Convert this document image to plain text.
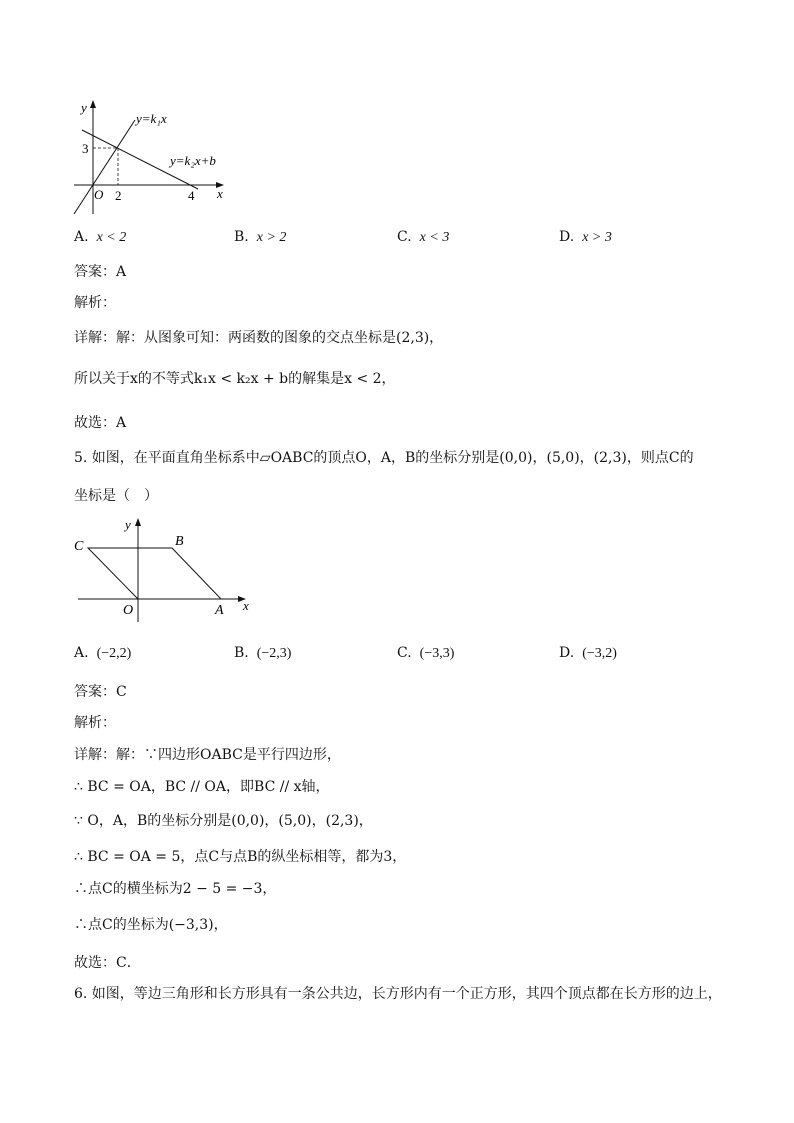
y
x
O
3
2	4
y=k₁x
y=k₂x+b
A. x < 2	B. x > 2	C. x < 3	D. x > 3
答案：A
解析：
详解：解：从图象可知：两函数的图象的交点坐标是(2,3)，
所以关于x的不等式k₁x < k₂x + b的解集是x < 2，
故选：A
5. 如图，在平面直角坐标系中▱OABC的顶点O，A，B的坐标分别是(0,0)，(5,0)，(2,3)，则点C的
坐标是（　）
C	B
O	A x
y
A. (−2,2)	B. (−2,3)	C. (−3,3)	D. (−3,2)
答案：C
解析：
详解：解：∵四边形OABC是平行四边形，
∴ BC = OA，BC // OA，即BC // x轴，
∵ O，A，B的坐标分别是(0,0)，(5,0)，(2,3)，
∴ BC = OA = 5，点C与点B的纵坐标相等，都为3，
∴点C的横坐标为2 − 5 = −3，
∴点C的坐标为(−3,3)，
故选：C．
6. 如图，等边三角形和长方形具有一条公共边，长方形内有一个正方形，其四个顶点都在长方形的边上，
